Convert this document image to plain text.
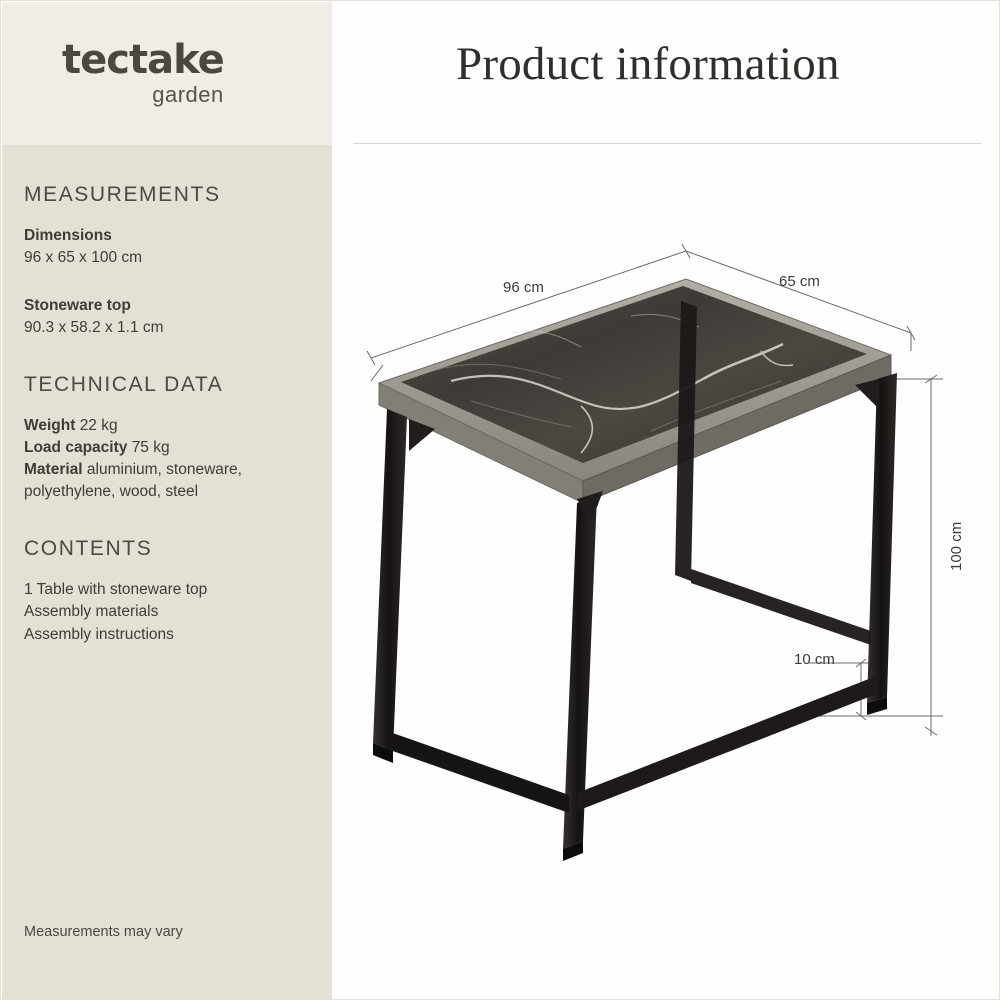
tectake
garden
MEASUREMENTS

Dimensions

96 x 65 x 100 cm

Stoneware top

90.3 x 58.2 x 1.1 cm

TECHNICAL DATA

Weight 22 kg

Load capacity 75 kg

Material aluminium, stoneware,

polyethylene, wood, steel

CONTENTS

1 Table with stoneware top

Assembly materials

Assembly instructions

Measurements may vary
Product information
96 cm	65 cm
100 cm
10 cm
